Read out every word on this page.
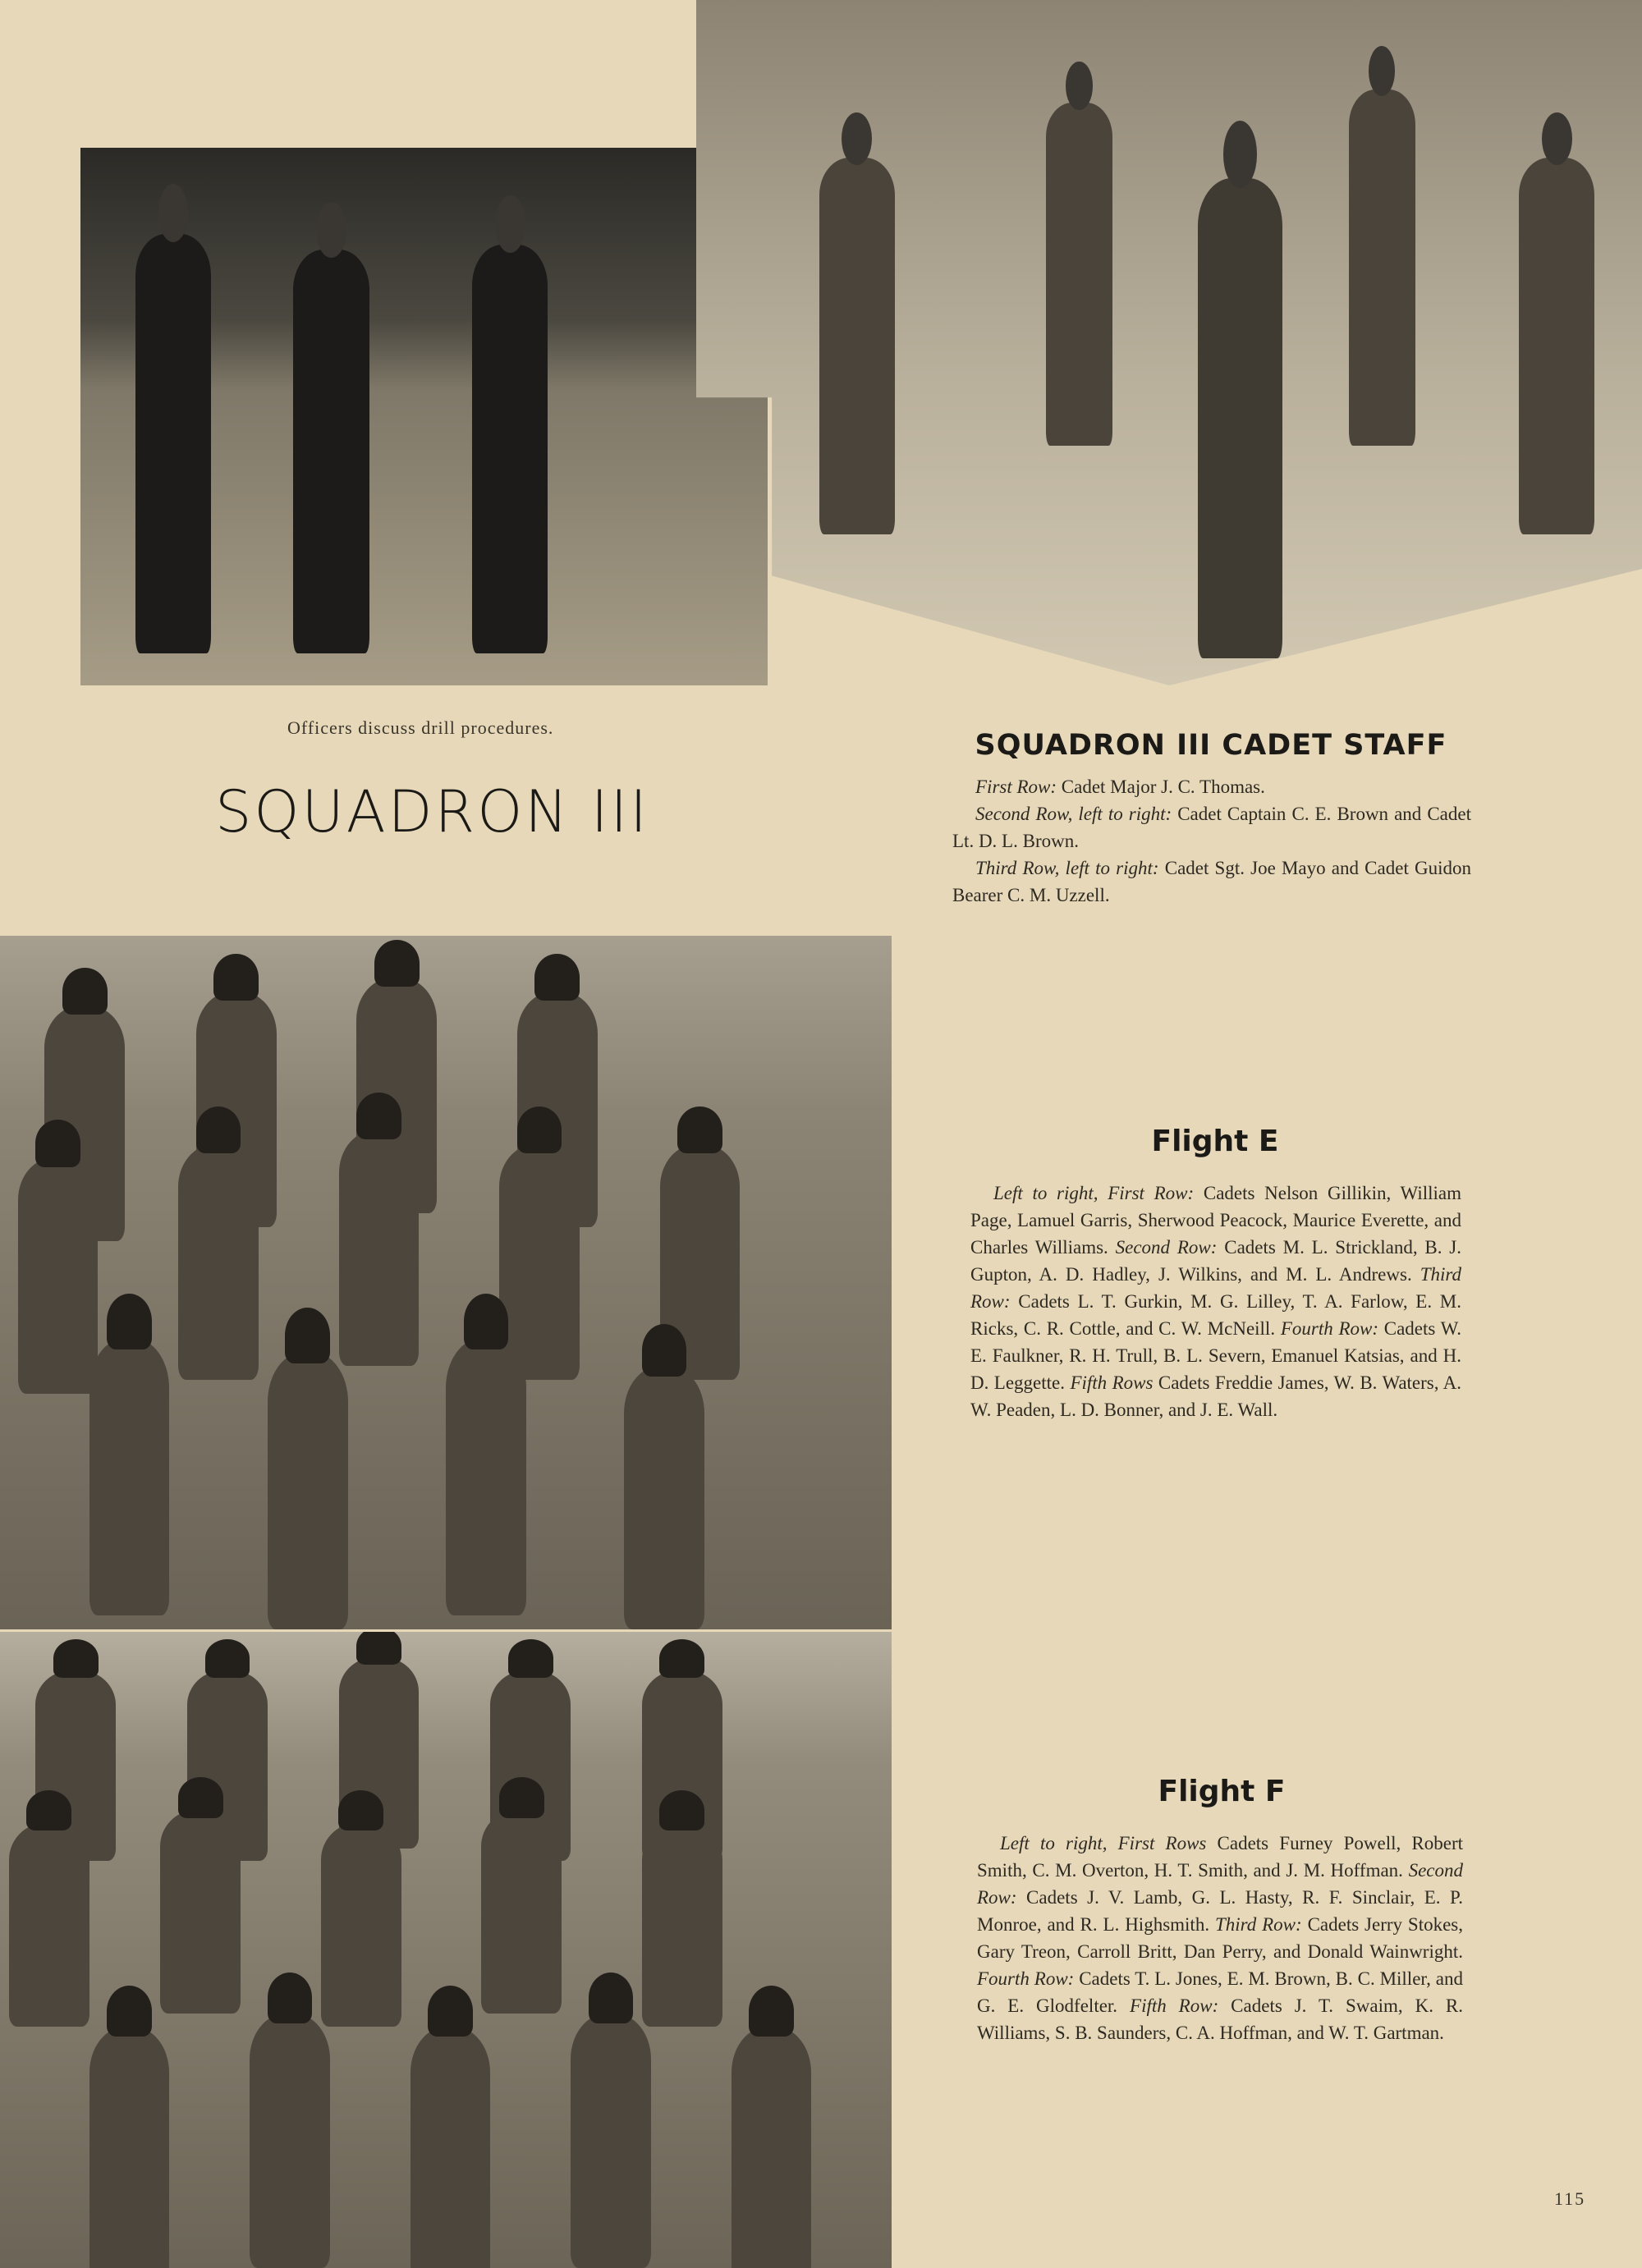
Officers discuss drill procedures.
SQUADRON III
SQUADRON III CADET STAFF

First Row: Cadet Major J. C. Thomas.

Second Row, left to right: Cadet Captain C. E. Brown and Cadet Lt. D. L. Brown.

Third Row, left to right: Cadet Sgt. Joe Mayo and Cadet Guidon Bearer C. M. Uzzell.

Flight E

Left to right, First Row: Cadets Nelson Gillikin, William Page, Lamuel Garris, Sherwood Peacock, Maurice Everette, and Charles Williams. Second Row: Cadets M. L. Strickland, B. J. Gupton, A. D. Hadley, J. Wilkins, and M. L. Andrews. Third Row: Cadets L. T. Gurkin, M. G. Lilley, T. A. Farlow, E. M. Ricks, C. R. Cottle, and C. W. McNeill. Fourth Row: Cadets W. E. Faulkner, R. H. Trull, B. L. Severn, Emanuel Katsias, and H. D. Leggette. Fifth Rows Cadets Freddie James, W. B. Waters, A. W. Peaden, L. D. Bonner, and J. E. Wall.

Flight F

Left to right, First Rows Cadets Furney Powell, Robert Smith, C. M. Overton, H. T. Smith, and J. M. Hoffman. Second Row: Cadets J. V. Lamb, G. L. Hasty, R. F. Sinclair, E. P. Monroe, and R. L. Highsmith. Third Row: Cadets Jerry Stokes, Gary Treon, Carroll Britt, Dan Perry, and Donald Wainwright. Fourth Row: Cadets T. L. Jones, E. M. Brown, B. C. Miller, and G. E. Glodfelter. Fifth Row: Cadets J. T. Swaim, K. R. Williams, S. B. Saunders, C. A. Hoffman, and W. T. Gartman.

115
